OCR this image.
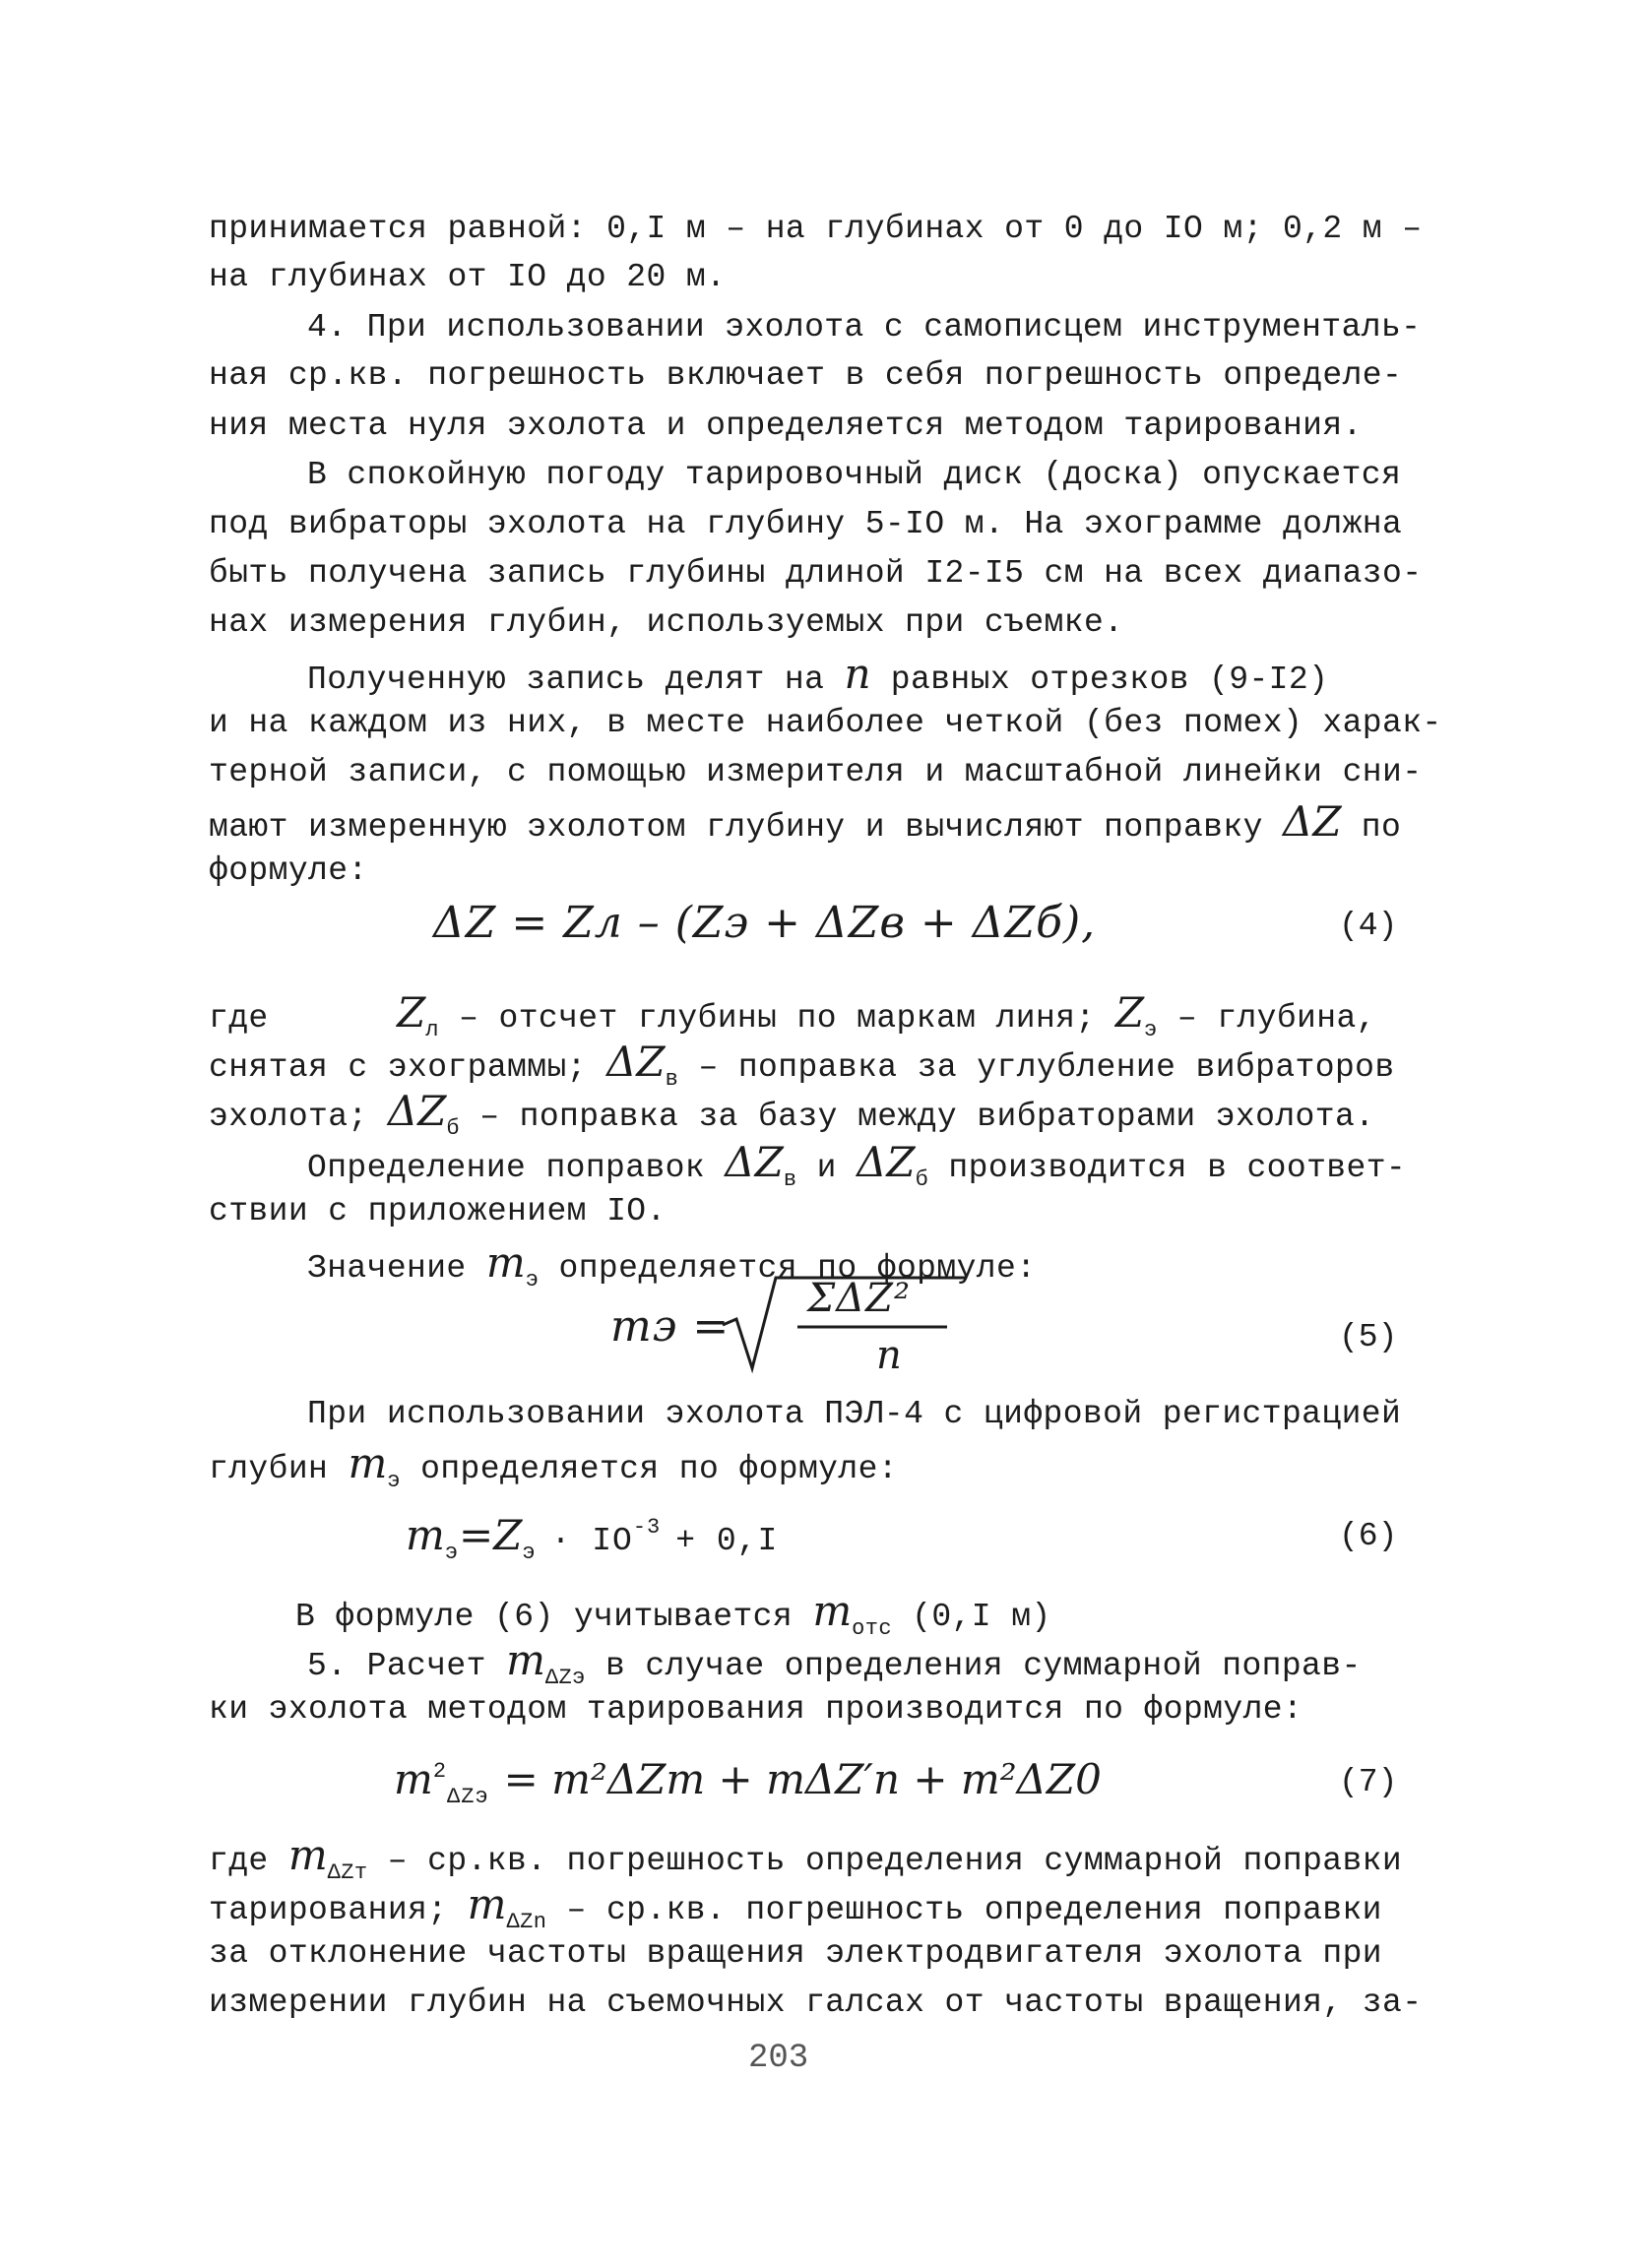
принимается равной: 0,I м – на глубинах от 0 до IO м; 0,2 м –
на глубинах от IO до 20 м.
4. При использовании эхолота с самописцем инструменталь-
ная ср.кв. погрешность включает в себя погрешность определе-
ния места нуля эхолота и определяется методом тарирования.
В спокойную погоду тарировочный диск (доска) опускается
под вибраторы эхолота на глубину 5-IO м. На эхограмме должна
быть получена запись глубины длиной I2-I5 см на всех диапазо-
нах измерения глубин, используемых при съемке.
Полученную запись делят на n равных отрезков (9-I2)
и на каждом из них, в месте наиболее четкой (без помех) харак-
терной записи, с помощью измерителя и масштабной линейки сни-
мают измеренную эхолотом глубину и вычисляют поправку ΔZ по
формуле:
ΔZ = Zл – (Zэ + ΔZв + ΔZб),	(4)
где	$Z_л$ – отсчет глубины по маркам линя; $Z_э$ – глубина,
снятая с эхограммы; $\Delta Z_в$ – поправка за углубление вибраторов
эхолота; $\Delta Z_б$ – поправка за базу между вибраторами эхолота.
Определение поправок $\Delta Z_в$ и $\Delta Z_б$ производится в соответ-
ствии с приложением IO.
Значение $m_э$ определяется по формуле:
mэ =
ΣΔZ²
n	(5)
При использовании эхолота ПЭЛ-4 с цифровой регистрацией
глубин $m_э$ определяется по формуле:
$m_э=Z_э \cdot IO^{-3} + 0,I$	(6)
В формуле (6) учитывается $m_{отс}$ (0,I м)
5. Расчет $m_{\Delta Zэ}$ в случае определения суммарной поправ-
ки эхолота методом тарирования производится по формуле:
$m^2_{\Delta Zэ} = m^2\Delta Zт + m\Delta Z'n + m^2\Delta Z0$	(7)
где $m_{\Delta Zт} - ср.кв$. погрешность определения суммарной поправки
тарирования; $m_{\Delta Zn} - ср.кв$. погрешность определения поправки
за отклонение частоты вращения электродвигателя эхолота при
измерении глубин на съемочных галсах от частоты вращения, за-
203
